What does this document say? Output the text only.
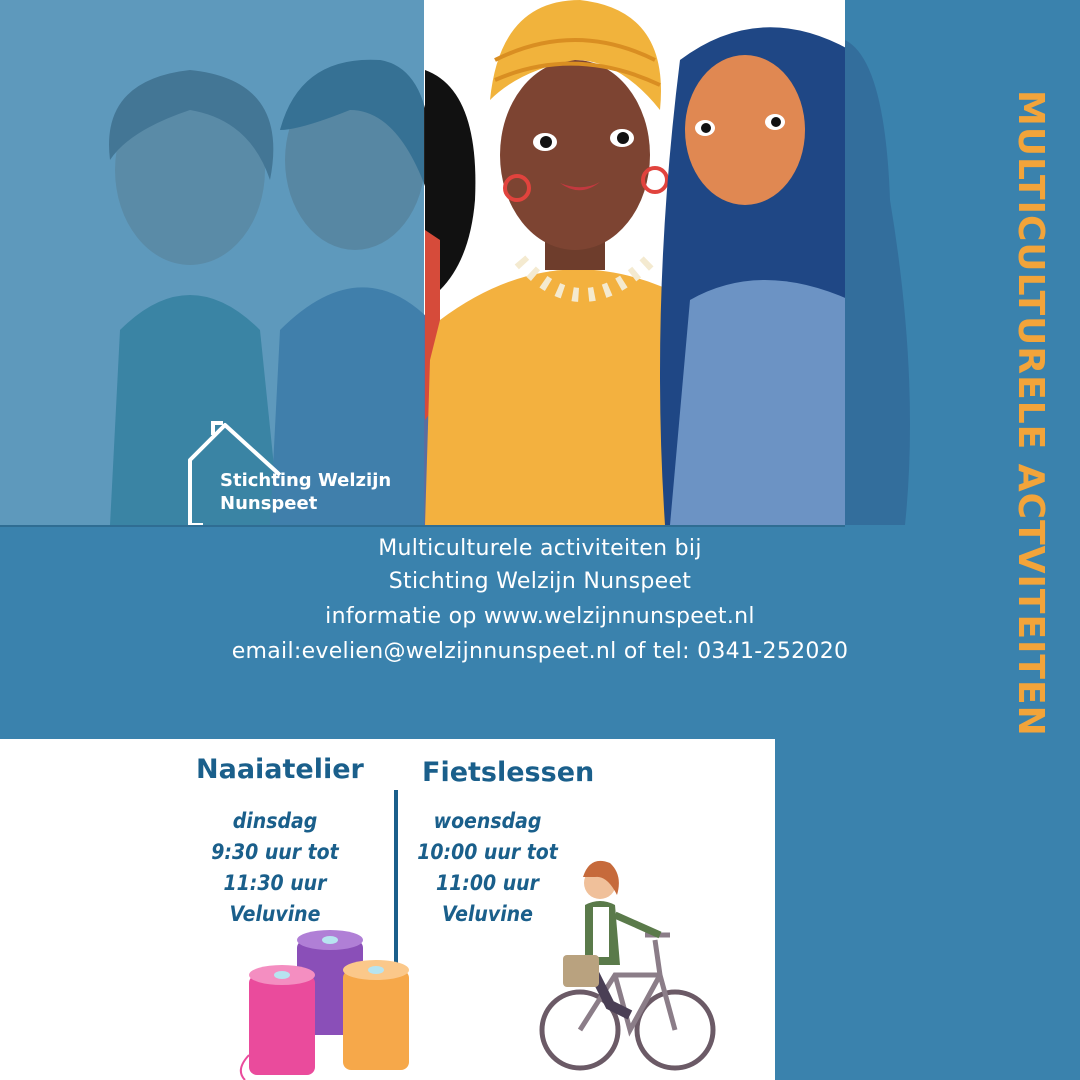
MULTICULTURELE ACTVITEITEN
Stichting Welzijn
Nunspeet
Multiculturele activiteiten bij
Stichting Welzijn Nunspeet
informatie op www.welzijnnunspeet.nl
email:evelien@welzijnnunspeet.nl of tel: 0341-252020
Naaiatelier Fietslessen
dinsdag
9:30 uur tot
11:30 uur
Veluvine
woensdag
10:00 uur tot
11:00 uur
Veluvine
